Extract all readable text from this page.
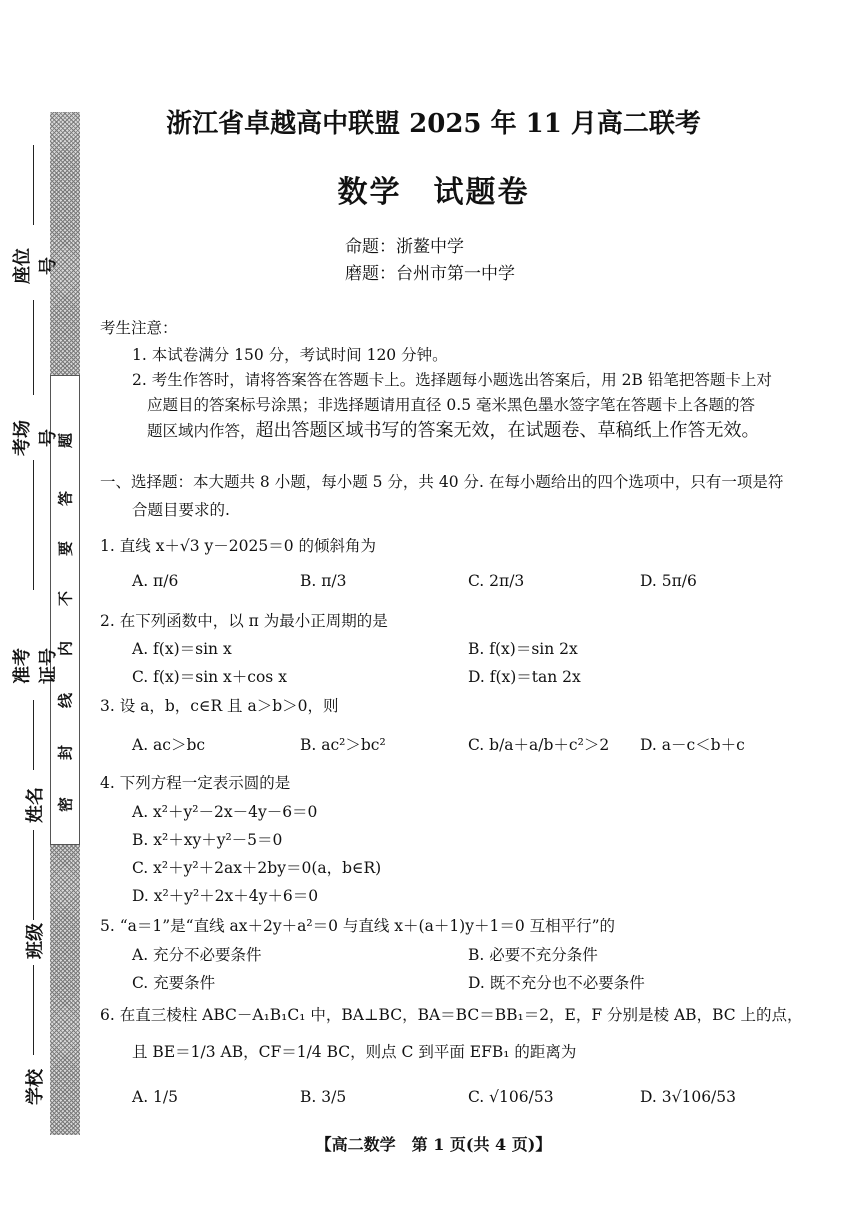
题
答
要
不
内
线
封
密
座位号
考场号
准考证号
姓名
班级
学校
浙江省卓越高中联盟 2025 年 11 月高二联考
数学　试题卷
命题：浙鳌中学
磨题：台州市第一中学
考生注意：
1. 本试卷满分 150 分，考试时间 120 分钟。
2. 考生作答时，请将答案答在答题卡上。选择题每小题选出答案后，用 2B 铅笔把答题卡上对
应题目的答案标号涂黑；非选择题请用直径 0.5 毫米黑色墨水签字笔在答题卡上各题的答
题区域内作答，超出答题区域书写的答案无效，在试题卷、草稿纸上作答无效。
一、选择题：本大题共 8 小题，每小题 5 分，共 40 分. 在每小题给出的四个选项中，只有一项是符
合题目要求的.
1. 直线 x＋√3 y－2025＝0 的倾斜角为
A. π/6	B. π/3	C. 2π/3	D. 5π/6
2. 在下列函数中，以 π 为最小正周期的是
A. f(x)＝sin x	B. f(x)＝sin 2x
C. f(x)＝sin x＋cos x	D. f(x)＝tan 2x
3. 设 a，b，c∈R 且 a＞b＞0，则
A. ac＞bc	B. ac²＞bc²	C. b/a＋a/b＋c²＞2 D. a－c＜b＋c
4. 下列方程一定表示圆的是
A. x²＋y²－2x－4y－6＝0
B. x²＋xy＋y²－5＝0
C. x²＋y²＋2ax＋2by＝0(a，b∈R)
D. x²＋y²＋2x＋4y＋6＝0
5. “a＝1”是“直线 ax＋2y＋a²＝0 与直线 x＋(a＋1)y＋1＝0 互相平行”的
A. 充分不必要条件	B. 必要不充分条件
C. 充要条件	D. 既不充分也不必要条件
6. 在直三棱柱 ABC－A₁B₁C₁ 中，BA⊥BC，BA＝BC＝BB₁＝2，E，F 分别是棱 AB，BC 上的点，
且 BE＝1/3 AB，CF＝1/4 BC，则点 C 到平面 EFB₁ 的距离为
A. 1/5	B. 3/5	C. √106/53	D. 3√106/53
【高二数学　第 1 页(共 4 页)】
